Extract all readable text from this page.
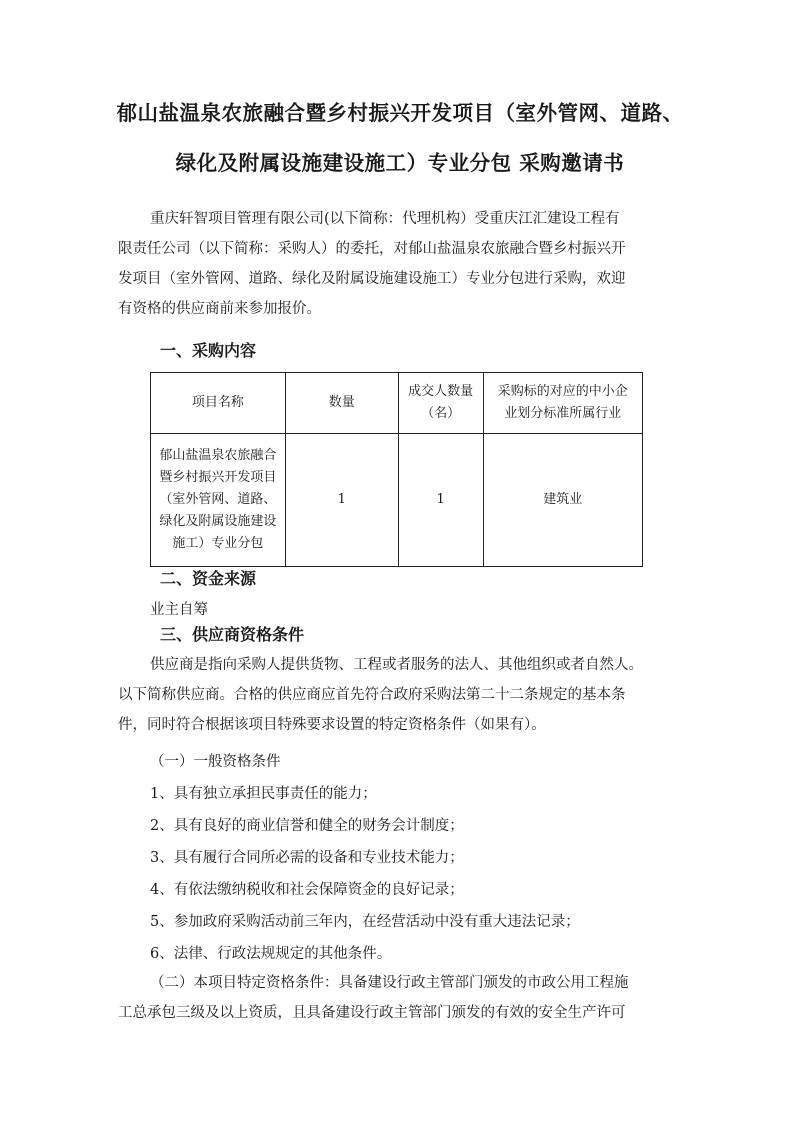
郁山盐温泉农旅融合暨乡村振兴开发项目（室外管网、道路、
绿化及附属设施建设施工）专业分包 采购邀请书
重庆轩智项目管理有限公司(以下简称：代理机构）受重庆江汇建设工程有
限责任公司（以下简称：采购人）的委托，对郁山盐温泉农旅融合暨乡村振兴开
发项目（室外管网、道路、绿化及附属设施建设施工）专业分包进行采购，欢迎
有资格的供应商前来参加报价。
一、采购内容
项目名称	数量	成交人数量（名）	采购标的对应的中小企业划分标准所属行业
郁山盐温泉农旅融合暨乡村振兴开发项目（室外管网、道路、绿化及附属设施建设施工）专业分包	1	1	建筑业
二、资金来源
业主自筹
三、供应商资格条件
供应商是指向采购人提供货物、工程或者服务的法人、其他组织或者自然人。
以下简称供应商。合格的供应商应首先符合政府采购法第二十二条规定的基本条
件，同时符合根据该项目特殊要求设置的特定资格条件（如果有）。
（一）一般资格条件
1、具有独立承担民事责任的能力；
2、具有良好的商业信誉和健全的财务会计制度；
3、具有履行合同所必需的设备和专业技术能力；
4、有依法缴纳税收和社会保障资金的良好记录；
5、参加政府采购活动前三年内，在经营活动中没有重大违法记录；
6、法律、行政法规规定的其他条件。
（二）本项目特定资格条件：具备建设行政主管部门颁发的市政公用工程施
工总承包三级及以上资质，且具备建设行政主管部门颁发的有效的安全生产许可
